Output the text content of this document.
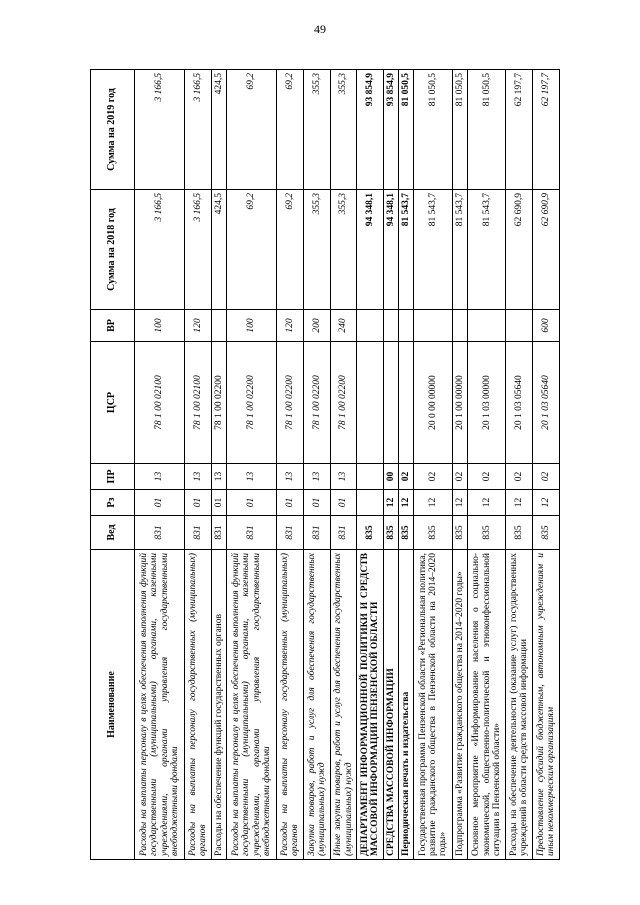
49
Наименование	Вед	Рз	ПР	ЦСР	ВР	Сумма на 2018 год	Сумма на 2019 год
Расходы на выплаты персоналу в целях обеспечения выполнения функций государственными (муниципальными) органами, казенными учреждениями, органами управления государственными внебюджетными фондами	831	01	13	78 1 00 02100	100	3 166,5	3 166,5
Расходы на выплаты персоналу государственных (муниципальных) органов	831	01	13	78 1 00 02100	120	3 166,5	3 166,5
Расходы на обеспечение функций государственных органов	831	01	13	78 1 00 02200		424,5	424,5
Расходы на выплаты персоналу в целях обеспечения выполнения функций государственными (муниципальными) органами, казенными учреждениями, органами управления государственными внебюджетными фондами	831	01	13	78 1 00 02200	100	69,2	69,2
Расходы на выплаты персоналу государственных (муниципальных) органов	831	01	13	78 1 00 02200	120	69,2	69,2
Закупка товаров, работ и услуг для обеспечения государственных (муниципальных) нужд	831	01	13	78 1 00 02200	200	355,3	355,3
Иные закупки товаров, работ и услуг для обеспечения государственных (муниципальных) нужд	831	01	13	78 1 00 02200	240	355,3	355,3
ДЕПАРТАМЕНТ ИНФОРМАЦИОННОЙ ПОЛИТИКИ И СРЕДСТВ МАССОВОЙ ИНФОРМАЦИИ ПЕНЗЕНСКОЙ ОБЛАСТИ	835					94 348,1	93 854,9
СРЕДСТВА МАССОВОЙ ИНФОРМАЦИИ	835	12	00			94 348,1	93 854,9
Периодическая печать и издательства	835	12	02			81 543,7	81 050,5
Государственная программа Пензенской области «Региональная политика, развитие гражданского общества в Пензенской области на 2014–2020 годы»	835	12	02	20 0 00 00000		81 543,7	81 050,5
Подпрограмма «Развитие гражданского общества на 2014–2020 годы»	835	12	02	20 1 00 00000		81 543,7	81 050,5
Основное мероприятие «Информирование населения о социально-экономической, общественно-политической и этноконфессиональной ситуации в Пензенской области»	835	12	02	20 1 03 00000		81 543,7	81 050,5
Расходы на обеспечение деятельности (оказание услуг) государственных учреждений в области средств массовой информации	835	12	02	20 1 03 05640		62 690,9	62 197,7
Предоставление субсидий бюджетным, автономным учреждениям и иным некоммерческим организациям	835	12	02	20 1 03 05640	600	62 690,9	62 197,7
